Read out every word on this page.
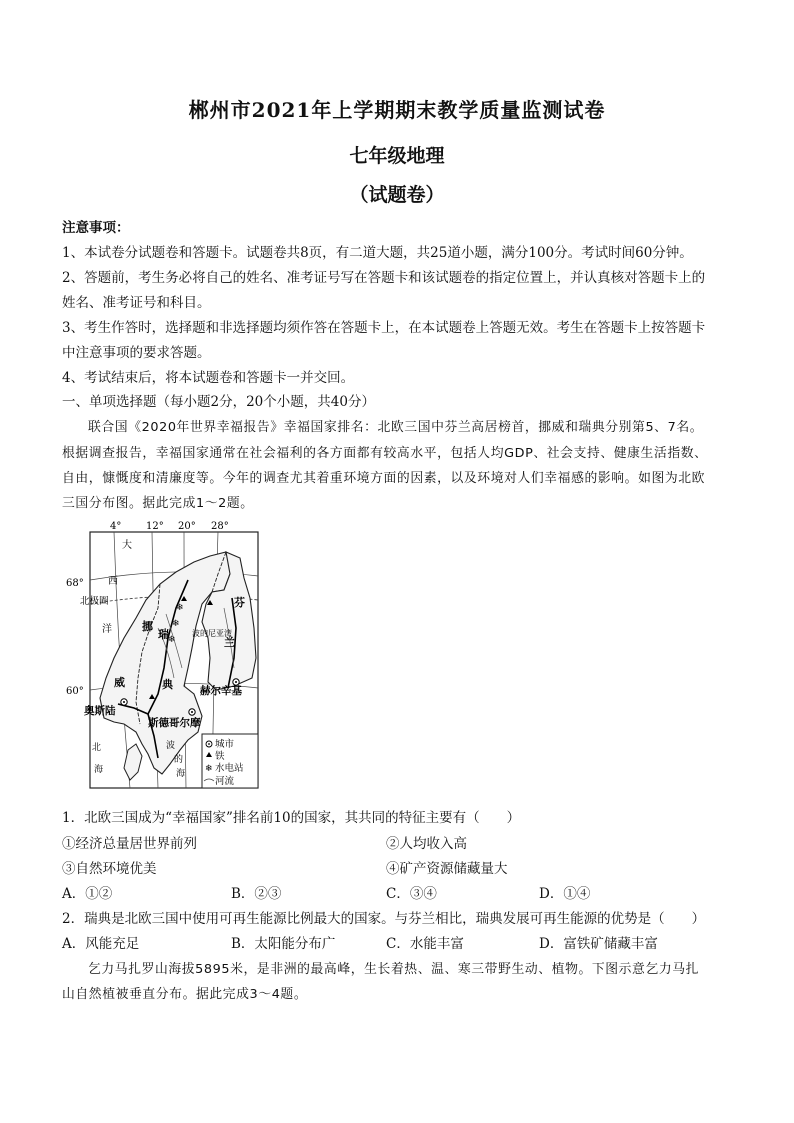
郴州市2021年上学期期末教学质量监测试卷
七年级地理
（试题卷）
注意事项：
1、本试卷分试题卷和答题卡。试题卷共8页，有二道大题，共25道小题，满分100分。考试时间60分钟。
2、答题前，考生务必将自己的姓名、准考证号写在答题卡和该试题卷的指定位置上，并认真核对答题卡上的
姓名、准考证号和科目。
3、考生作答时，选择题和非选择题均须作答在答题卡上，在本试题卷上答题无效。考生在答题卡上按答题卡
中注意事项的要求答题。
4、考试结束后，将本试题卷和答题卡一并交回。
一、单项选择题（每小题2分，20个小题，共40分）
联合国《2020年世界幸福报告》幸福国家排名：北欧三国中芬兰高居榜首，挪威和瑞典分别第5、7名。
根据调查报告，幸福国家通常在社会福利的各方面都有较高水平，包括人均GDP、社会支持、健康生活指数、
自由，慷慨度和清廉度等。今年的调查尤其着重环境方面的因素，以及环境对人们幸福感的影响。如图为北欧
三国分布图。据此完成1～2题。
4° 12° 20° 28°
68°
60°
❄
❄
❄
大
西
洋
北极圈
挪
威
瑞
典
芬
兰
波的尼亚湾
奥斯陆
斯德哥尔摩
赫尔辛基
北
海
波
的
海
城市
铁
❄ 水电站
河流
1．北欧三国成为“幸福国家”排名前10的国家，其共同的特征主要有（　　）
①经济总量居世界前列	②人均收入高
③自然环境优美	④矿产资源储藏量大
A．①②	B．②③	C．③④	D．①④
2．瑞典是北欧三国中使用可再生能源比例最大的国家。与芬兰相比，瑞典发展可再生能源的优势是（　　）
A．风能充足	B．太阳能分布广	C．水能丰富	D．富铁矿储藏丰富
乞力马扎罗山海拔5895米，是非洲的最高峰，生长着热、温、寒三带野生动、植物。下图示意乞力马扎
山自然植被垂直分布。据此完成3～4题。
